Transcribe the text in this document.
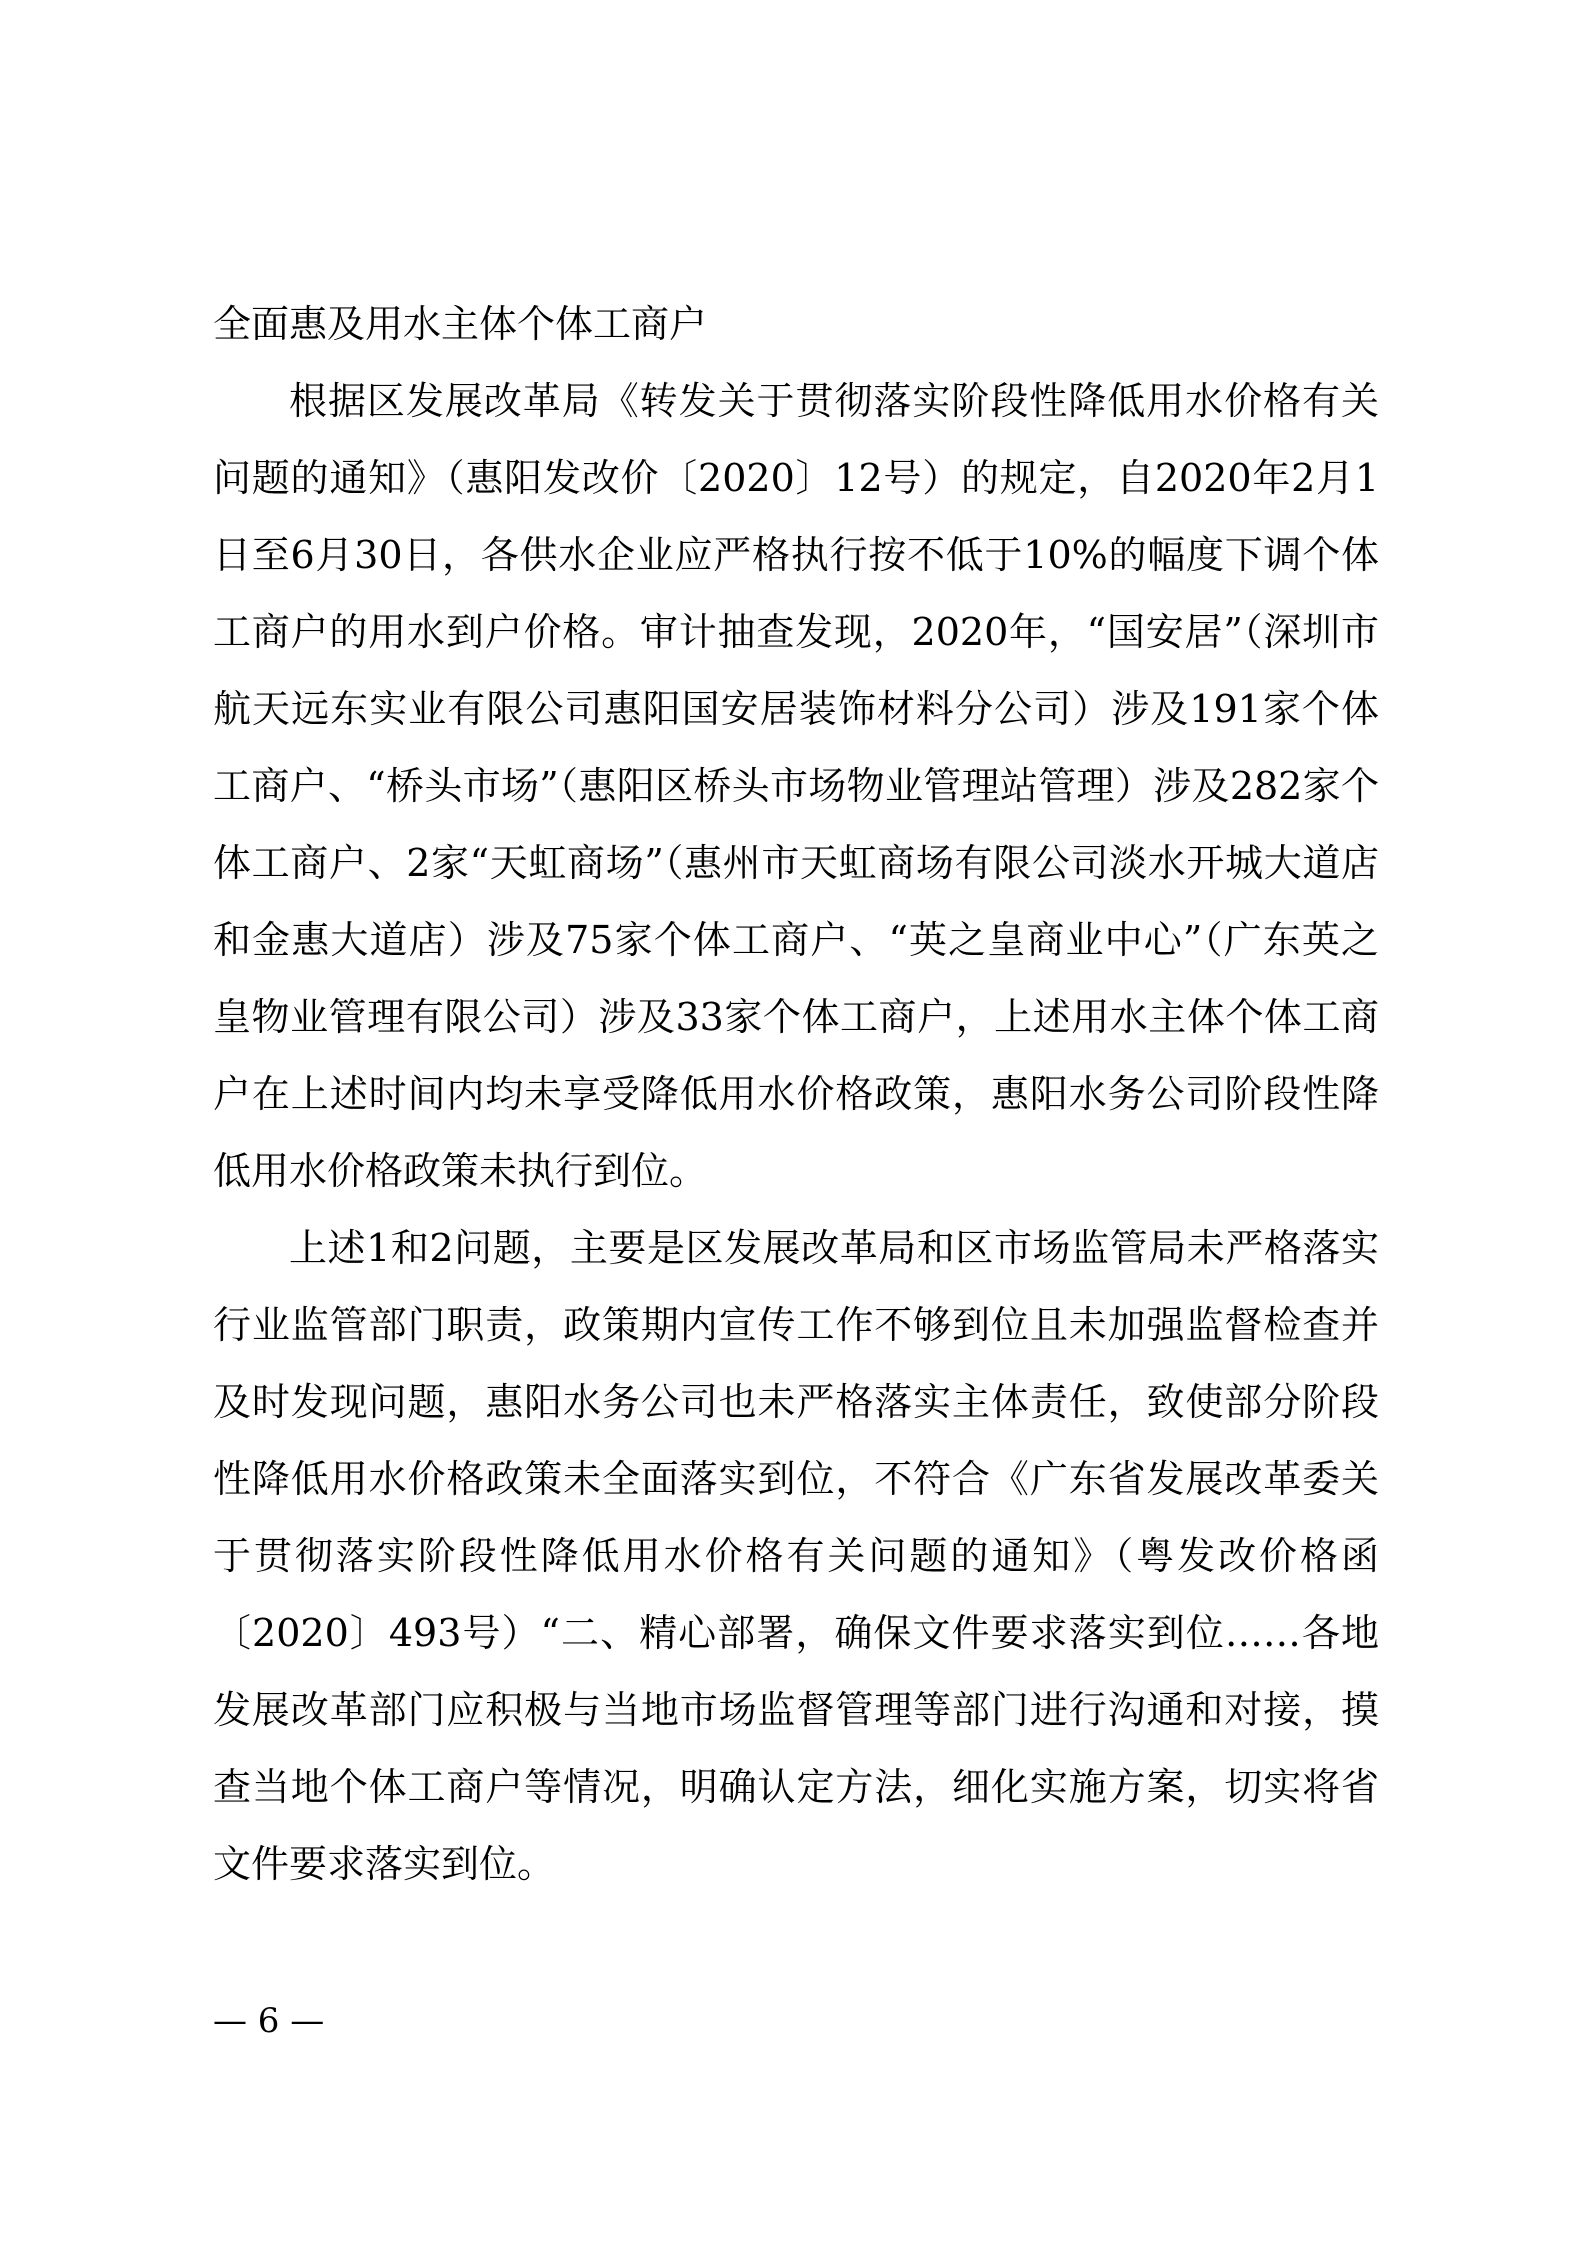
全面惠及用水主体个体工商户

根据区发展改革局《转发关于贯彻落实阶段性降低用水价格有关问题的通知》（惠阳发改价〔2020〕12号）的规定，自2020年2月1日至6月30日，各供水企业应严格执行按不低于10%的幅度下调个体工商户的用水到户价格。审计抽查发现，2020年，“国安居”（深圳市航天远东实业有限公司惠阳国安居装饰材料分公司）涉及191家个体工商户、“桥头市场”（惠阳区桥头市场物业管理站管理）涉及282家个体工商户、2家“天虹商场”（惠州市天虹商场有限公司淡水开城大道店和金惠大道店）涉及75家个体工商户、“英之皇商业中心”（广东英之皇物业管理有限公司）涉及33家个体工商户，上述用水主体个体工商户在上述时间内均未享受降低用水价格政策，惠阳水务公司阶段性降低用水价格政策未执行到位。

上述1和2问题，主要是区发展改革局和区市场监管局未严格落实行业监管部门职责，政策期内宣传工作不够到位且未加强监督检查并及时发现问题，惠阳水务公司也未严格落实主体责任，致使部分阶段性降低用水价格政策未全面落实到位，不符合《广东省发展改革委关于贯彻落实阶段性降低用水价格有关问题的通知》（粤发改价格函〔2020〕493号）“二、精心部署，确保文件要求落实到位……各地发展改革部门应积极与当地市场监督管理等部门进行沟通和对接，摸查当地个体工商户等情况，明确认定方法，细化实施方案，切实将省文件要求落实到位。

— 6 —
